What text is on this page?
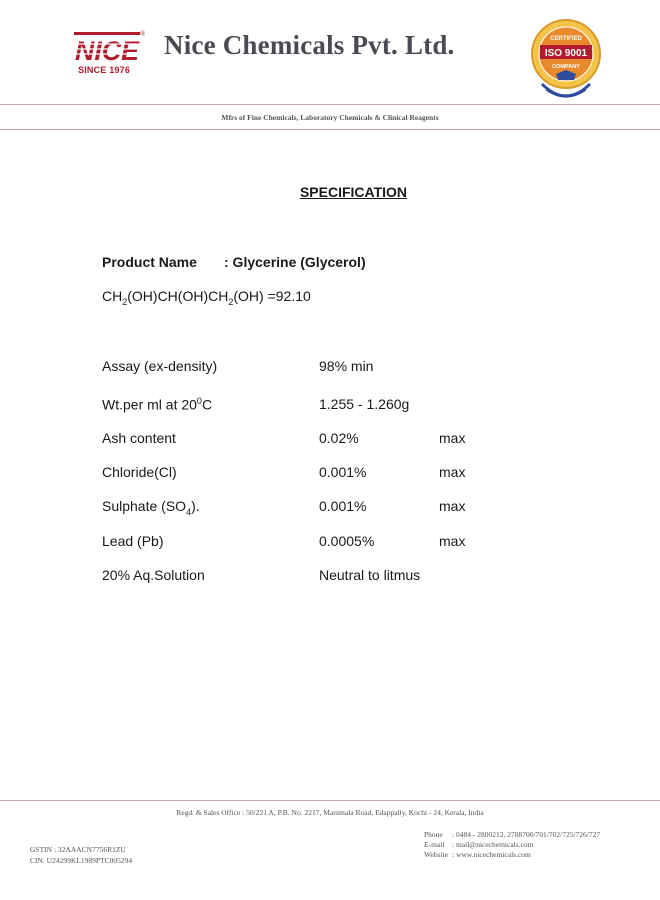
NICE
®
SINCE 1976
Nice Chemicals Pvt. Ltd.	CERTIFIED
ISO 9001
COMPANY
Mfrs of Fine Chemicals, Laboratory Chemicals & Clinical Reagents
SPECIFICATION
Product Name : Glycerine (Glycerol)
$CH_2(OH)CH(OH)CH_2(OH) =92.10$
Assay (ex-density)	98% min
Wt.per ml at $20^0C$	1.255 - 1.260g
Ash content	0.02%	max
Chloride(Cl)	0.001%	max
Sulphate $(SO_4)$.	0.001%	max
Lead (Pb)	0.0005%	max
20% Aq.Solution	Neutral to litmus
Regd. & Sales Office : 50/221 A, P.B. No. 2217, Manimala Road, Edappally, Kochi - 24, Kerala, India
GSTIN : 32AAACN7756R1ZU
CIN. U24299KL1989PTC005294
Phone : 0484 - 2800212, 2788700/701/702/725/726/727
E-mail : mail@nicechemicals.com
Website : www.nicechemicals.com
